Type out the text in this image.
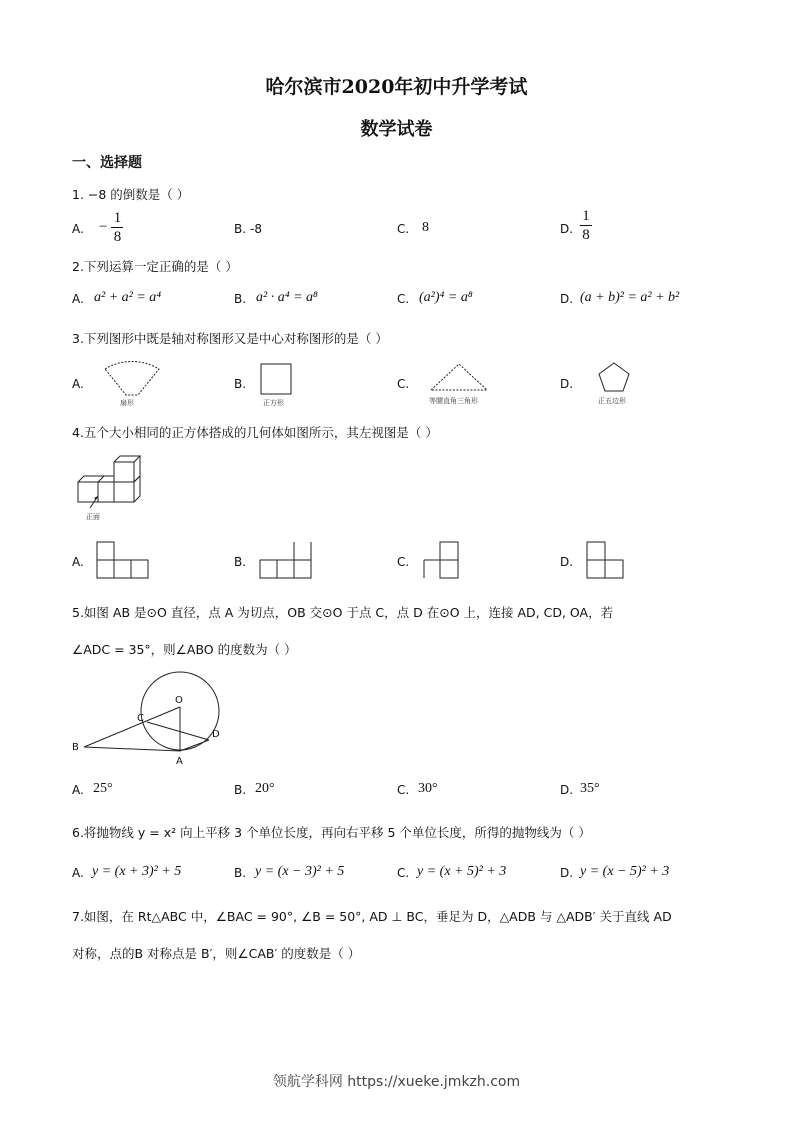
哈尔滨市2020年初中升学考试
数学试卷
一、选择题
1. −8 的倒数是（ ）
A. − $\frac{1}{8}$	B. -8	C. 8	D. $\frac{1}{8}$
2.下列运算一定正确的是（ ）
A. a² + a² = a⁴	B. a² · a⁴ = a⁸	C. (a²)⁴ = a⁸	D. (a + b)² = a² + b²
3.下列图形中既是轴对称图形又是中心对称图形的是（ ）
A.	B.	C.	D.
扇形	正方形	等腰直角三角形	正五边形
4.五个大小相同的正方体搭成的几何体如图所示，其左视图是（ ）
正面
A.	B.	C.	D.
5.如图 AB 是⊙O 直径，点 A 为切点，OB 交⊙O 于点 C，点 D 在⊙O 上，连接 AD, CD, OA，若
∠ADC = 35°，则∠ABO 的度数为（ ）
O
C
B
A
D
A. 25°	B. 20°	C. 30°	D. 35°
6.将抛物线 y = x² 向上平移 3 个单位长度，再向右平移 5 个单位长度，所得的抛物线为（ ）
A. y = (x + 3)² + 5	B. y = (x − 3)² + 5	C. y = (x + 5)² + 3	D. y = (x − 5)² + 3
7.如图，在 Rt△ABC 中，∠BAC = 90°, ∠B = 50°, AD ⊥ BC，垂足为 D，△ADB 与 △ADB′ 关于直线 AD
对称，点的B 对称点是 B′，则∠CAB′ 的度数是（ ）
领航学科网 https://xueke.jmkzh.com
